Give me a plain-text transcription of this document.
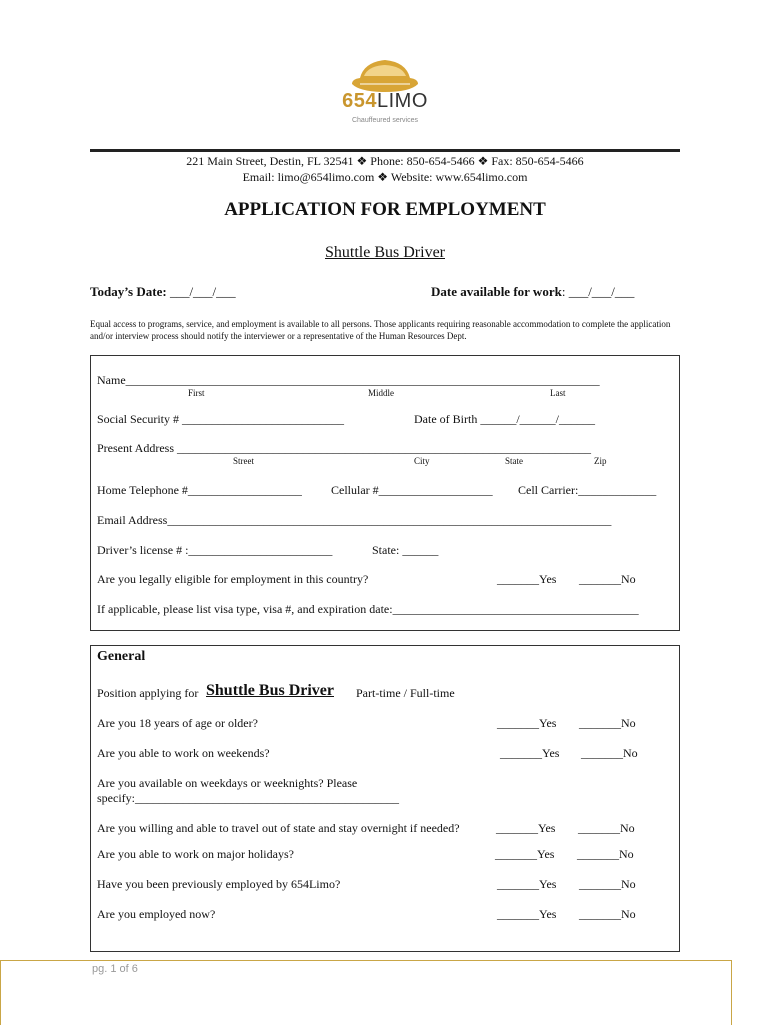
654LIMO
Chauffeured services
221 Main Street, Destin, FL 32541 ❖ Phone: 850-654-5466 ❖ Fax: 850-654-5466
Email: limo@654limo.com ❖ Website: www.654limo.com
APPLICATION FOR EMPLOYMENT
Shuttle Bus Driver
Today’s Date: ___/___/___	Date available for work: ___/___/___
Equal access to programs, service, and employment is available to all persons. Those applicants requiring reasonable accommodation to complete the application and/or interview process should notify the interviewer or a representative of the Human Resources Dept.
Name_______________________________________________________________________________
First	Middle	Last
Social Security # ___________________________	Date of Birth ______/______/______
Present Address _____________________________________________________________________
Street	City	State	Zip
Home Telephone #___________________ Cellular #___________________ Cell Carrier:_____________
Email Address__________________________________________________________________________
Driver’s license # :________________________	State: ______
Are you legally eligible for employment in this country?	_______Yes _______No
If applicable, please list visa type, visa #, and expiration date:_________________________________________
General
Position applying for Shuttle Bus Driver Part-time / Full-time
Are you 18 years of age or older?	_______Yes _______No
Are you able to work on weekends?	_______Yes _______No
Are you available on weekdays or weeknights? Please
specify:____________________________________________
Are you willing and able to travel out of state and stay overnight if needed?	_______Yes _______No
Are you able to work on major holidays?	_______Yes _______No
Have you been previously employed by 654Limo?	_______Yes _______No
Are you employed now?	_______Yes _______No
pg. 1 of 6
